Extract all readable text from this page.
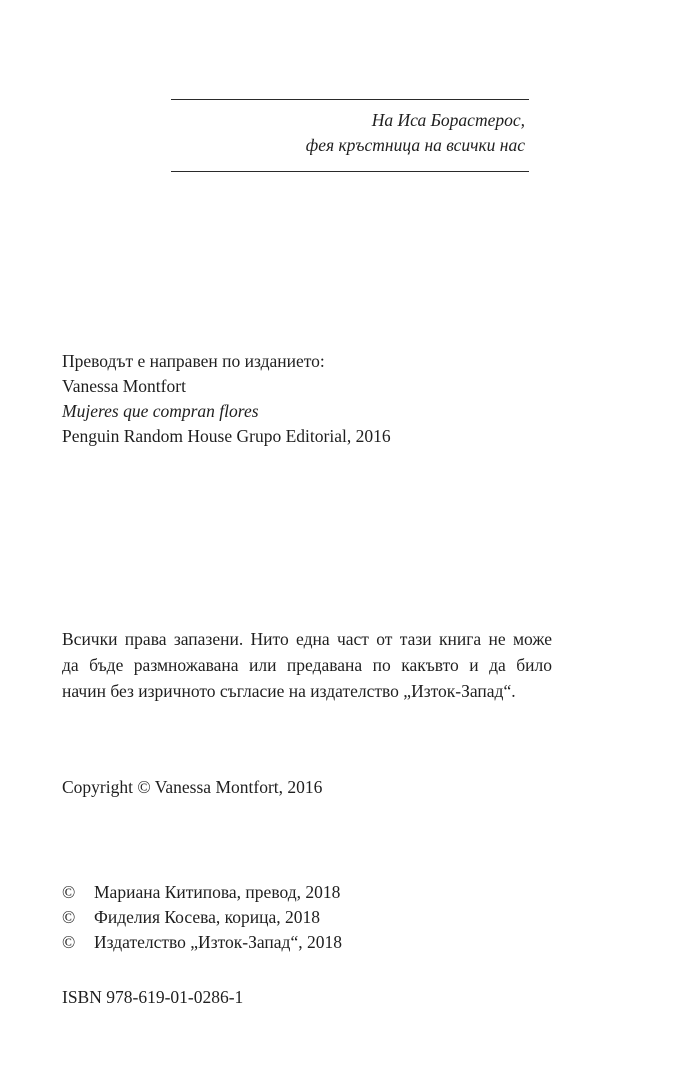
На Иса Борастерос,
фея кръстница на всички нас
Преводът е направен по изданието:
Vanessa Montfort
Mujeres que compran flores
Penguin Random House Grupo Editorial, 2016
Всички права запазени. Нито една част от тази книга не може
да бъде размножавана или предавана по какъвто и да било
начин без изричното съгласие на издателство „Изток-Запад“.
Copyright © Vanessa Montfort, 2016
©	Мариана Китипова, превод, 2018
©	Фиделия Косева, корица, 2018
©	Издателство „Изток-Запад“, 2018
ISBN 978-619-01-0286-1
